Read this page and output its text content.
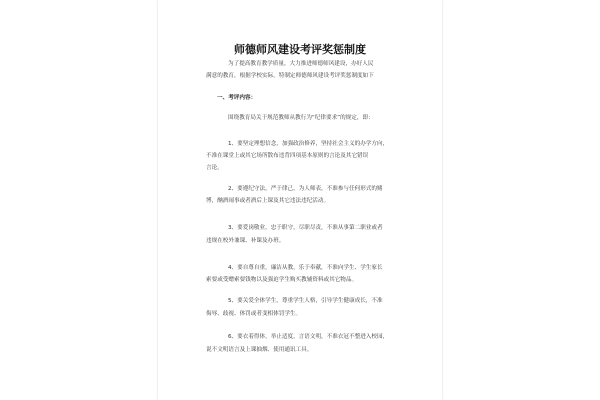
师德师风建设考评奖惩制度
为了提高教育教学质量，大力推进师德师风建设，办好人民
满意的教育，根据学校实际，特制定师德师风建设考评奖惩制度如下
一、考评内容：
围绕教育局关于规范教师从教行为“纪律要求”的规定，即：
1、要坚定理想信念，加强政治修养，坚持社会主义的办学方向，
不准在课堂上或其它场所散布违背四项基本原则的言论及其它错误
言论。
2、要遵纪守法，严于律己，为人师表，不准参与任何形式的赌
博，酗酒闹事或者酒后上课及其它违法违纪活动。
3、要爱岗敬业，忠于职守，尽职尽责，不准从事第二职业或者
违规在校外兼课、补课及办班。
4、要自尊自重，廉洁从教，乐于奉献，不准向学生、学生家长
索要或受赠索要钱物以及强迫学生购买教辅资料或其它物品。
5、要关爱全体学生，尊重学生人格，引导学生健康成长，不准
侮辱、歧视、体罚或者变相体罚学生。
6、要衣着得体，举止适度，言语文明，不准衣冠不整进入校园，
说不文明语言及上课抽烟、使用通讯工具。
